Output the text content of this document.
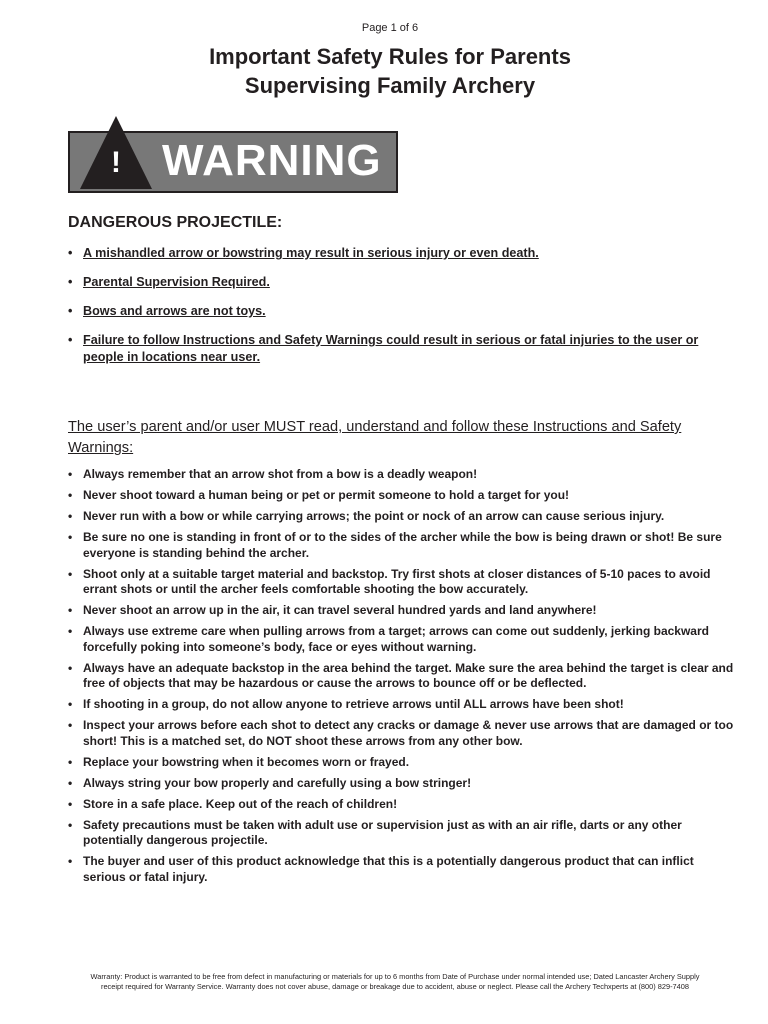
Page 1 of 6
Important Safety Rules for Parents
Supervising Family Archery
! WARNING
DANGEROUS PROJECTILE:
• A mishandled arrow or bowstring may result in serious injury or even death.
• Parental Supervision Required.
• Bows and arrows are not toys.
• Failure to follow Instructions and Safety Warnings could result in serious or fatal injuries to the user or people in locations near user.
The user’s parent and/or user MUST read, understand and follow these Instructions and Safety Warnings:
• Always remember that an arrow shot from a bow is a deadly weapon!
• Never shoot toward a human being or pet or permit someone to hold a target for you!
• Never run with a bow or while carrying arrows; the point or nock of an arrow can cause serious injury.
• Be sure no one is standing in front of or to the sides of the archer while the bow is being drawn or shot! Be sure everyone is standing behind the archer.
• Shoot only at a suitable target material and backstop. Try first shots at closer distances of 5-10 paces to avoid errant shots or until the archer feels comfortable shooting the bow accurately.
• Never shoot an arrow up in the air, it can travel several hundred yards and land anywhere!
• Always use extreme care when pulling arrows from a target; arrows can come out suddenly, jerking backward forcefully poking into someone’s body, face or eyes without warning.
• Always have an adequate backstop in the area behind the target. Make sure the area behind the target is clear and free of objects that may be hazardous or cause the arrows to bounce off or be deflected.
• If shooting in a group, do not allow anyone to retrieve arrows until ALL arrows have been shot!
• Inspect your arrows before each shot to detect any cracks or damage & never use arrows that are damaged or too short! This is a matched set, do NOT shoot these arrows from any other bow.
• Replace your bowstring when it becomes worn or frayed.
• Always string your bow properly and carefully using a bow stringer!
• Store in a safe place. Keep out of the reach of children!
• Safety precautions must be taken with adult use or supervision just as with an air rifle, darts or any other potentially dangerous projectile.
• The buyer and user of this product acknowledge that this is a potentially dangerous product that can inflict serious or fatal injury.
Warranty: Product is warranted to be free from defect in manufacturing or materials for up to 6 months from Date of Purchase under normal intended use; Dated Lancaster Archery Supply
receipt required for Warranty Service. Warranty does not cover abuse, damage or breakage due to accident, abuse or neglect. Please call the Archery Techxperts at (800) 829-7408
